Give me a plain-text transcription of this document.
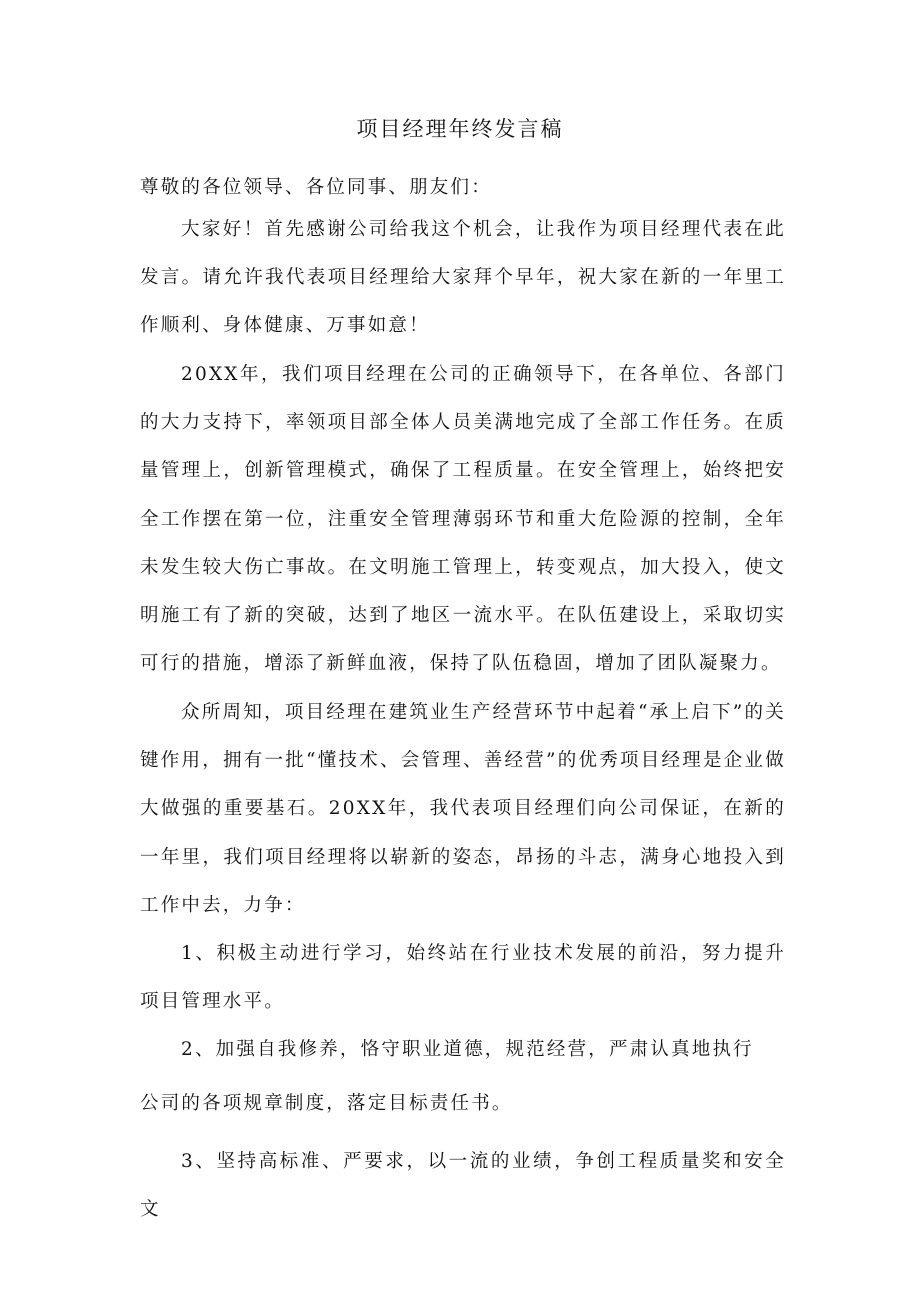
项目经理年终发言稿

尊敬的各位领导、各位同事、朋友们：

大家好！首先感谢公司给我这个机会，让我作为项目经理代表在此发言。请允许我代表项目经理给大家拜个早年，祝大家在新的一年里工作顺利、身体健康、万事如意！

20XX年，我们项目经理在公司的正确领导下，在各单位、各部门的大力支持下，率领项目部全体人员美满地完成了全部工作任务。在质量管理上，创新管理模式，确保了工程质量。在安全管理上，始终把安全工作摆在第一位，注重安全管理薄弱环节和重大危险源的控制，全年未发生较大伤亡事故。在文明施工管理上，转变观点，加大投入，使文明施工有了新的突破，达到了地区一流水平。在队伍建设上，采取切实可行的措施，增添了新鲜血液，保持了队伍稳固，增加了团队凝聚力。

众所周知，项目经理在建筑业生产经营环节中起着“承上启下”的关键作用，拥有一批“懂技术、会管理、善经营”的优秀项目经理是企业做大做强的重要基石。20XX年，我代表项目经理们向公司保证，在新的一年里，我们项目经理将以崭新的姿态，昂扬的斗志，满身心地投入到工作中去，力争：

1、积极主动进行学习，始终站在行业技术发展的前沿，努力提升项目管理水平。

2、加强自我修养，恪守职业道德，规范经营，严肃认真地执行

公司的各项规章制度，落定目标责任书。

3、坚持高标准、严要求，以一流的业绩，争创工程质量奖和安全文
